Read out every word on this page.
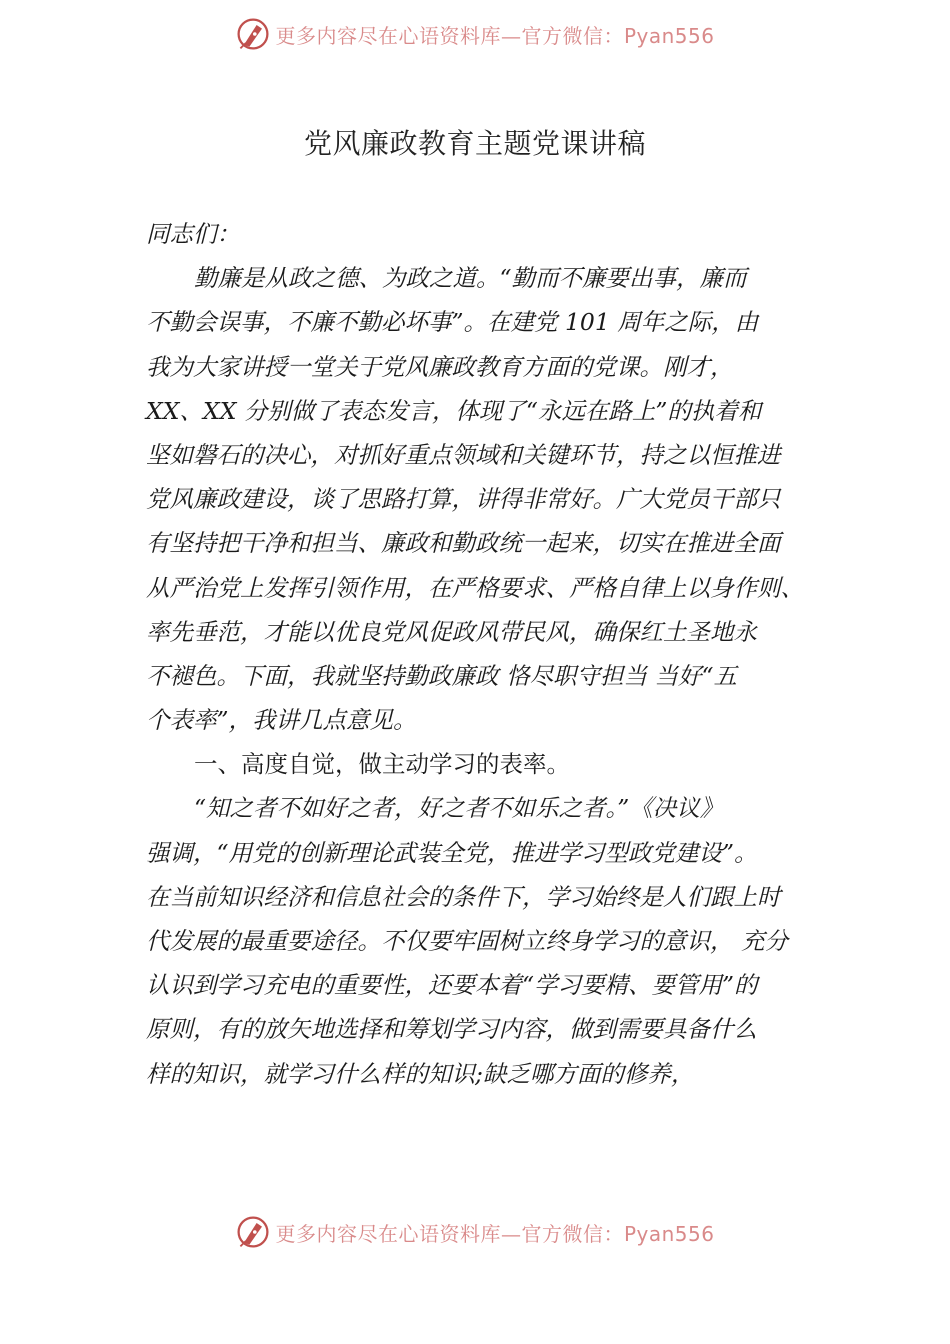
更多内容尽在心语资料库—官方微信：Pyan556
党风廉政教育主题党课讲稿
同志们：
勤廉是从政之德、为政之道。“勤而不廉要出事，廉而
不勤会误事，不廉不勤必坏事”。在建党 101 周年之际，由
我为大家讲授一堂关于党风廉政教育方面的党课。刚才，
XX、XX 分别做了表态发言，体现了“永远在路上”的执着和
坚如磐石的决心，对抓好重点领域和关键环节，持之以恒推进
党风廉政建设，谈了思路打算，讲得非常好。广大党员干部只
有坚持把干净和担当、廉政和勤政统一起来，切实在推进全面
从严治党上发挥引领作用，在严格要求、严格自律上以身作则、
率先垂范，才能以优良党风促政风带民风，确保红土圣地永
不褪色。下面，我就坚持勤政廉政 恪尽职守担当 当好“五
个表率”，我讲几点意见。
一、高度自觉，做主动学习的表率。
“知之者不如好之者，好之者不如乐之者。”《决议》
强调，“用党的创新理论武装全党，推进学习型政党建设”。
在当前知识经济和信息社会的条件下，学习始终是人们跟上时
代发展的最重要途径。不仅要牢固树立终身学习的意识， 充分
认识到学习充电的重要性，还要本着“学习要精、要管用”的
原则，有的放矢地选择和筹划学习内容，做到需要具备什么
样的知识，就学习什么样的知识;缺乏哪方面的修养，
更多内容尽在心语资料库—官方微信：Pyan556
